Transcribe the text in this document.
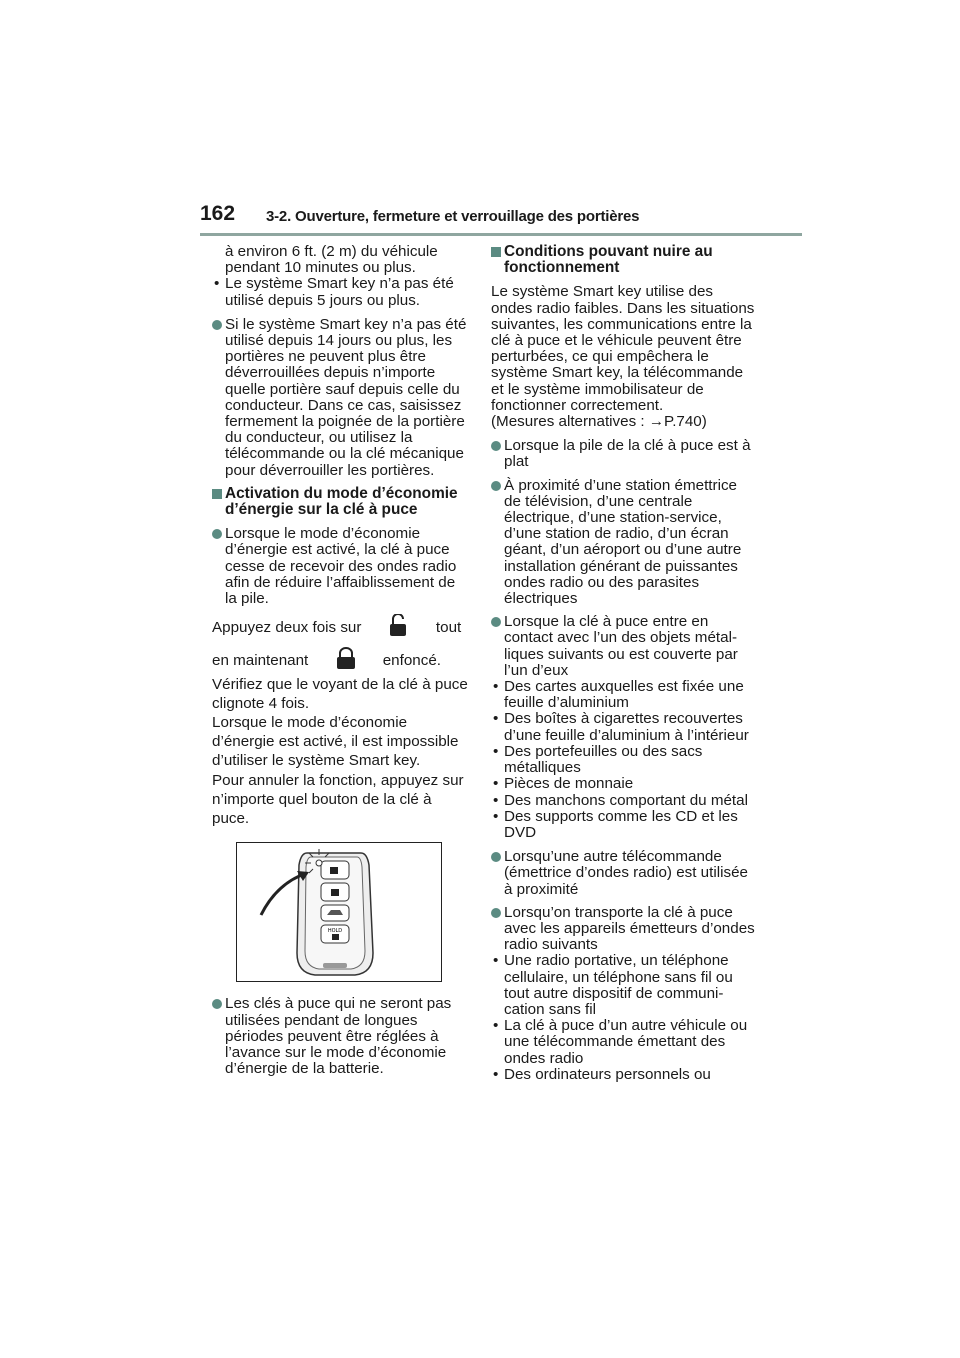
162 3-2. Ouverture, fermeture et verrouillage des portières

à environ 6 ft. (2 m) du véhicule pendant 10 minutes ou plus.

• Le système Smart key n’a pas été utilisé depuis 5 jours ou plus.
Si le système Smart key n’a pas été utilisé depuis 14 jours ou plus, les portières ne peuvent plus être déverrouillées depuis n’importe quelle portière sauf depuis celle du conducteur. Dans ce cas, saisissez fermement la poignée de la portière du conducteur, ou utilisez la télécommande ou la clé mécanique pour déverrouiller les portières.
Activation du mode d’économie d’énergie sur la clé à puce
Lorsque le mode d’économie d’énergie est activé, la clé à puce cesse de recevoir des ondes radio afin de réduire l’affaiblissement de la pile.

Appuyez deux fois sur	tout

en maintenant	enfoncé.

Vérifiez que le voyant de la clé à puce clignote 4 fois.

Lorsque le mode d’économie d’énergie est activé, il est impossible d’utiliser le système Smart key.

Pour annuler la fonction, appuyez sur n’importe quel bouton de la clé à puce.

HOLD
Les clés à puce qui ne seront pas utilisées pendant de longues périodes peuvent être réglées à l’avance sur le mode d’économie d’énergie de la batterie.
Conditions pouvant nuire au fonctionnement

Le système Smart key utilise des ondes radio faibles. Dans les situations suivantes, les communications entre la clé à puce et le véhicule peuvent être perturbées, ce qui empêchera le système Smart key, la télécommande et le système immobilisateur de fonctionner correctement.

(Mesures alternatives : →P.740)

Lorsque la pile de la clé à puce est à plat
À proximité d’une station émettrice de télévision, d’une centrale électrique, d’une station-service, d’une station de radio, d’un écran géant, d’un aéroport ou d’une autre installation générant de puissantes ondes radio ou des parasites électriques
Lorsque la clé à puce entre en contact avec l’un des objets métalliques suivants ou est couverte par l’un d’eux
• Des cartes auxquelles est fixée une feuille d’aluminium
• Des boîtes à cigarettes recouvertes d’une feuille d’aluminium à l’intérieur
• Des portefeuilles ou des sacs métalliques
• Pièces de monnaie
• Des manchons comportant du métal
• Des supports comme les CD et les DVD
Lorsqu’une autre télécommande (émettrice d’ondes radio) est utilisée à proximité
Lorsqu’on transporte la clé à puce avec les appareils émetteurs d’ondes radio suivants
• Une radio portative, un téléphone cellulaire, un téléphone sans fil ou tout autre dispositif de communication sans fil
• La clé à puce d’un autre véhicule ou une télécommande émettant des ondes radio
• Des ordinateurs personnels ou
